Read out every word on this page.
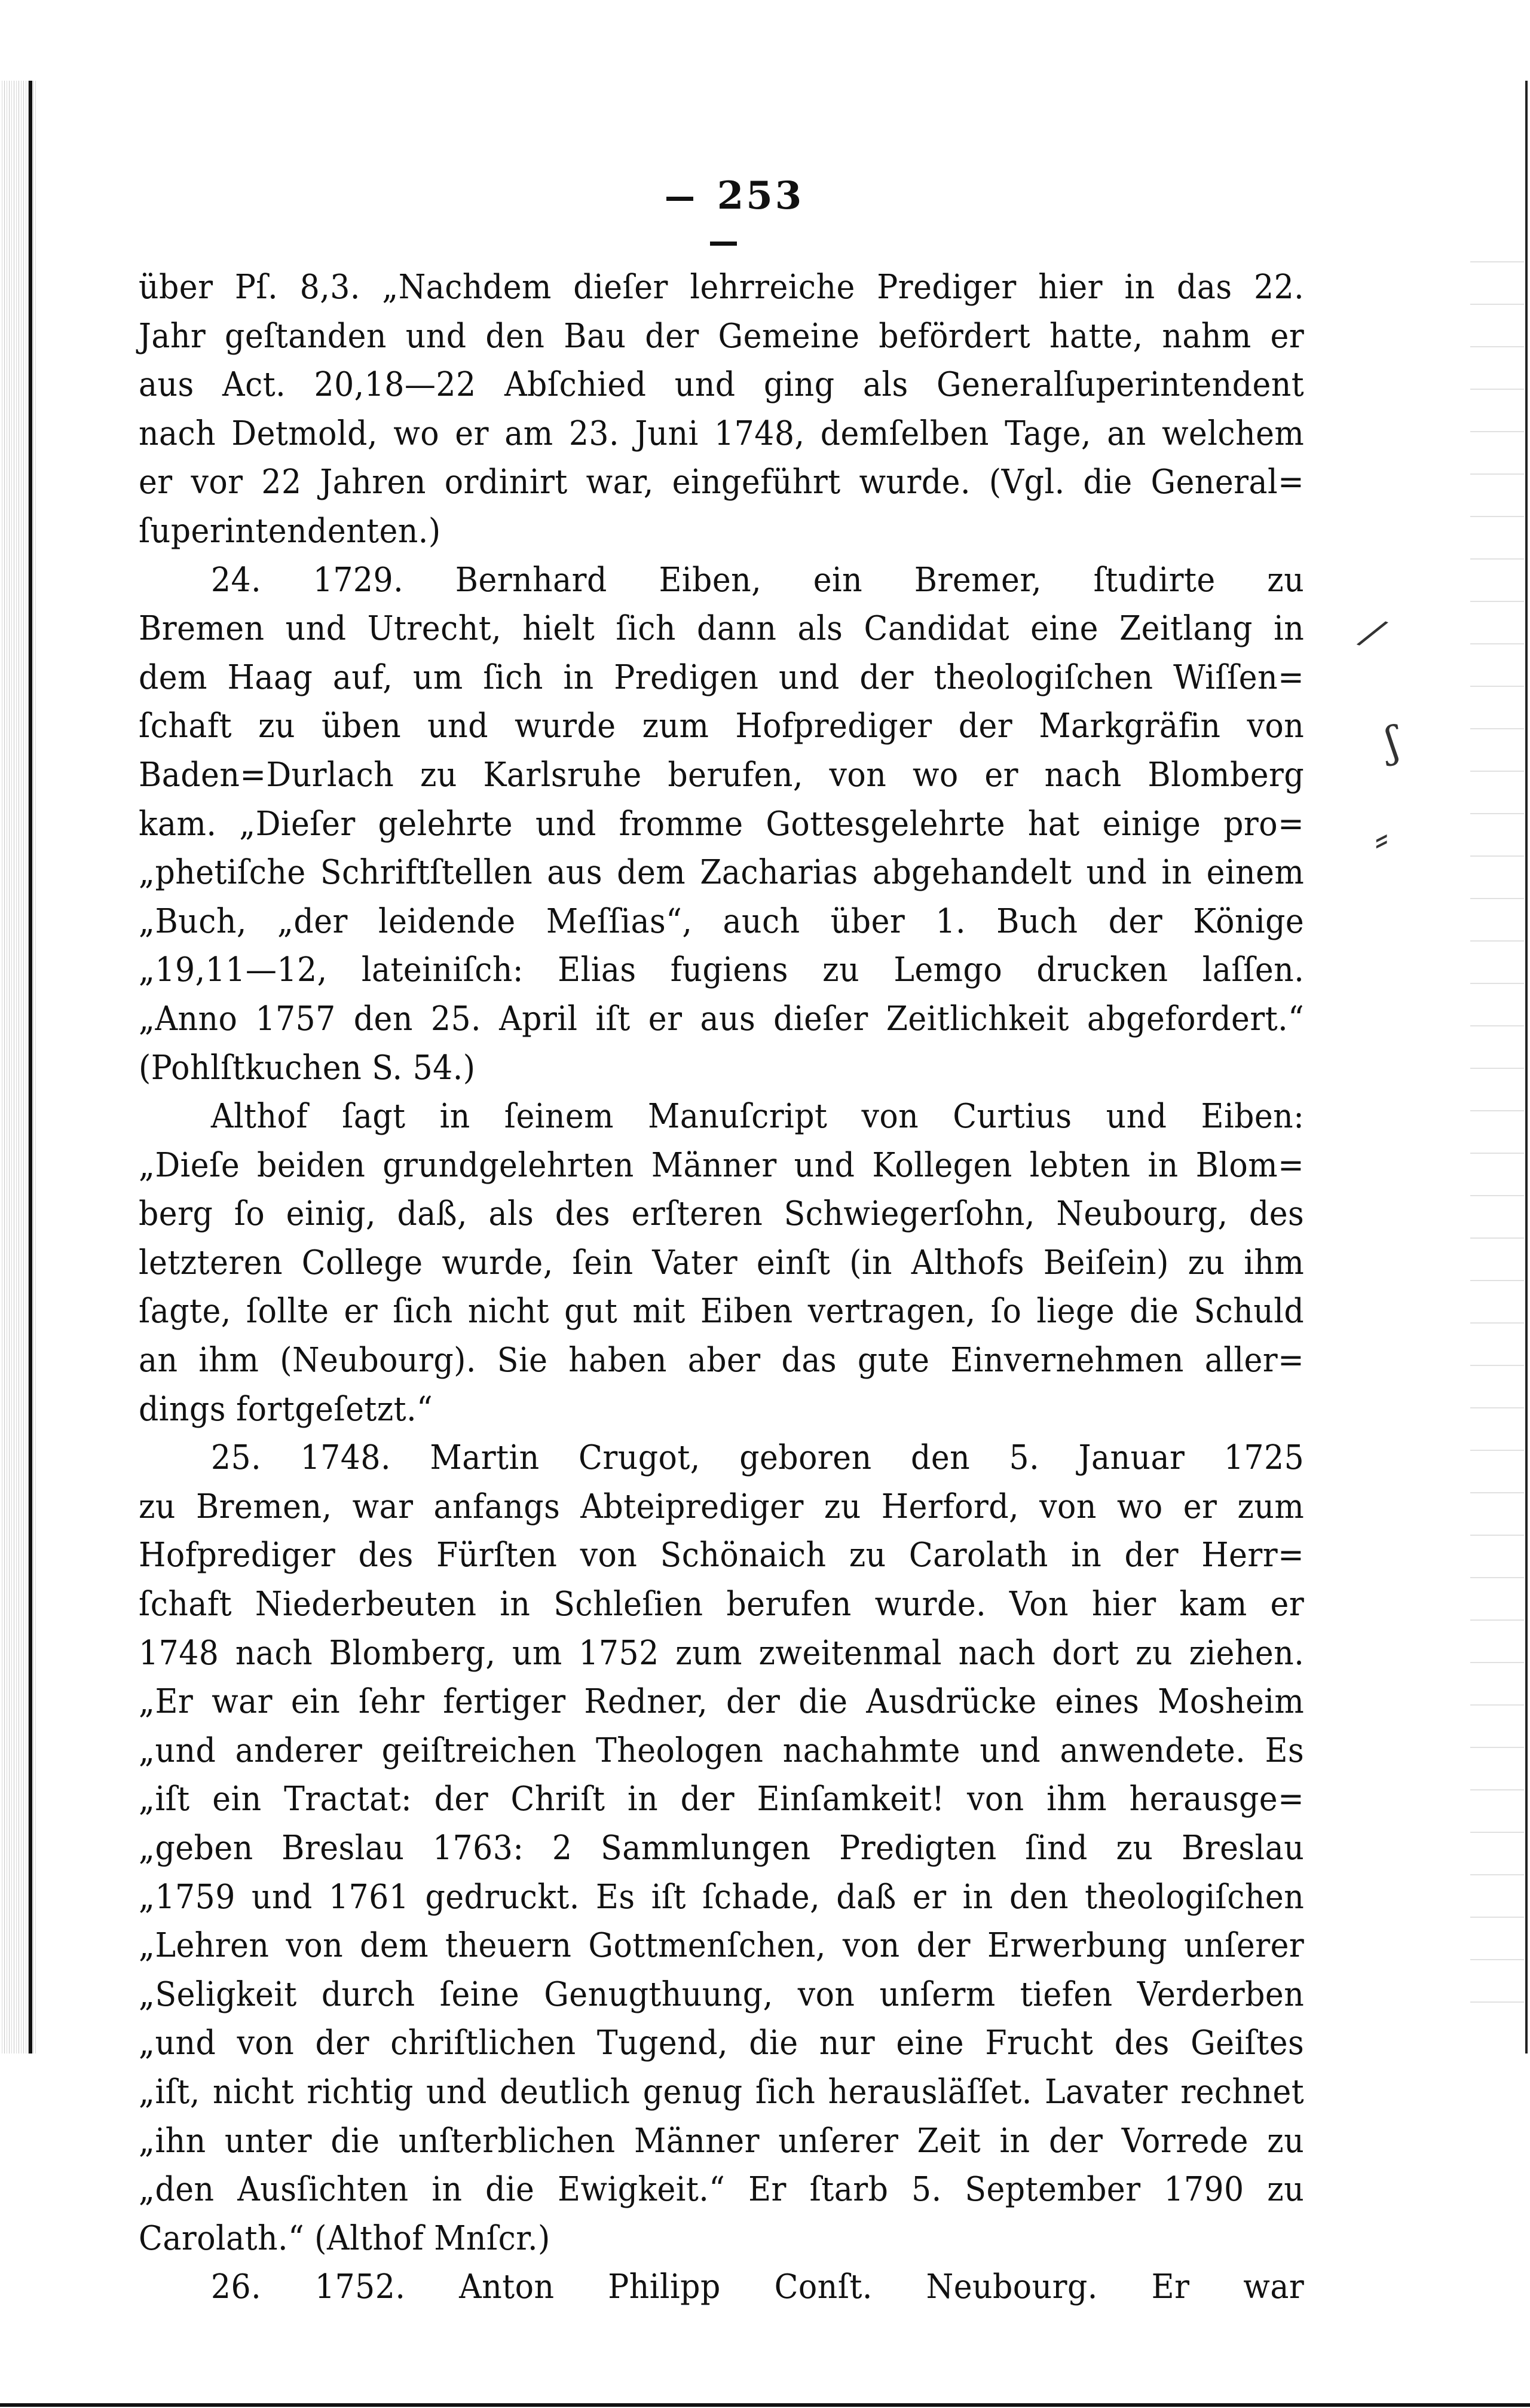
253
über Pſ. 8,3. „Nachdem dieſer lehrreiche Prediger hier in das 22.
Jahr geſtanden und den Bau der Gemeine befördert hatte, nahm er
aus Act. 20,18—22 Abſchied und ging als Generalſuperintendent
nach Detmold, wo er am 23. Juni 1748, demſelben Tage, an welchem
er vor 22 Jahren ordinirt war, eingeführt wurde. (Vgl. die General=
ſuperintendenten.)
24. 1729. Bernhard Eiben, ein Bremer, ſtudirte zu
Bremen und Utrecht, hielt ſich dann als Candidat eine Zeitlang in
dem Haag auf, um ſich in Predigen und der theologiſchen Wiſſen=
ſchaft zu üben und wurde zum Hofprediger der Markgräfin von
Baden=Durlach zu Karlsruhe berufen, von wo er nach Blomberg
kam. „Dieſer gelehrte und fromme Gottesgelehrte hat einige pro=
„phetiſche Schriftſtellen aus dem Zacharias abgehandelt und in einem
„Buch, „der leidende Meſſias“, auch über 1. Buch der Könige
„19,11—12, lateiniſch: Elias fugiens zu Lemgo drucken laſſen.
„Anno 1757 den 25. April iſt er aus dieſer Zeitlichkeit abgefordert.“
(Pohlſtkuchen S. 54.)
Althof ſagt in ſeinem Manuſcript von Curtius und Eiben:
„Dieſe beiden grundgelehrten Männer und Kollegen lebten in Blom=
berg ſo einig, daß, als des erſteren Schwiegerſohn, Neubourg, des
letzteren College wurde, ſein Vater einſt (in Althofs Beiſein) zu ihm
ſagte, ſollte er ſich nicht gut mit Eiben vertragen, ſo liege die Schuld
an ihm (Neubourg). Sie haben aber das gute Einvernehmen aller=
dings fortgeſetzt.“
25. 1748. Martin Crugot, geboren den 5. Januar 1725
zu Bremen, war anfangs Abteiprediger zu Herford, von wo er zum
Hofprediger des Fürſten von Schönaich zu Carolath in der Herr=
ſchaft Niederbeuten in Schleſien berufen wurde. Von hier kam er
1748 nach Blomberg, um 1752 zum zweitenmal nach dort zu ziehen.
„Er war ein ſehr fertiger Redner, der die Ausdrücke eines Mosheim
„und anderer geiſtreichen Theologen nachahmte und anwendete. Es
„iſt ein Tractat: der Chriſt in der Einſamkeit! von ihm herausge=
„geben Breslau 1763: 2 Sammlungen Predigten ſind zu Breslau
„1759 und 1761 gedruckt. Es iſt ſchade, daß er in den theologiſchen
„Lehren von dem theuern Gottmenſchen, von der Erwerbung unſerer
„Seligkeit durch ſeine Genugthuung, von unſerm tiefen Verderben
„und von der chriſtlichen Tugend, die nur eine Frucht des Geiſtes
„iſt, nicht richtig und deutlich genug ſich herausläſſet. Lavater rechnet
„ihn unter die unſterblichen Männer unſerer Zeit in der Vorrede zu
„den Ausſichten in die Ewigkeit.“ Er ſtarb 5. September 1790 zu
Carolath.“ (Althof Mnſcr.)
26. 1752. Anton Philipp Conſt. Neubourg. Er war
⁄
ʃ
⸗
